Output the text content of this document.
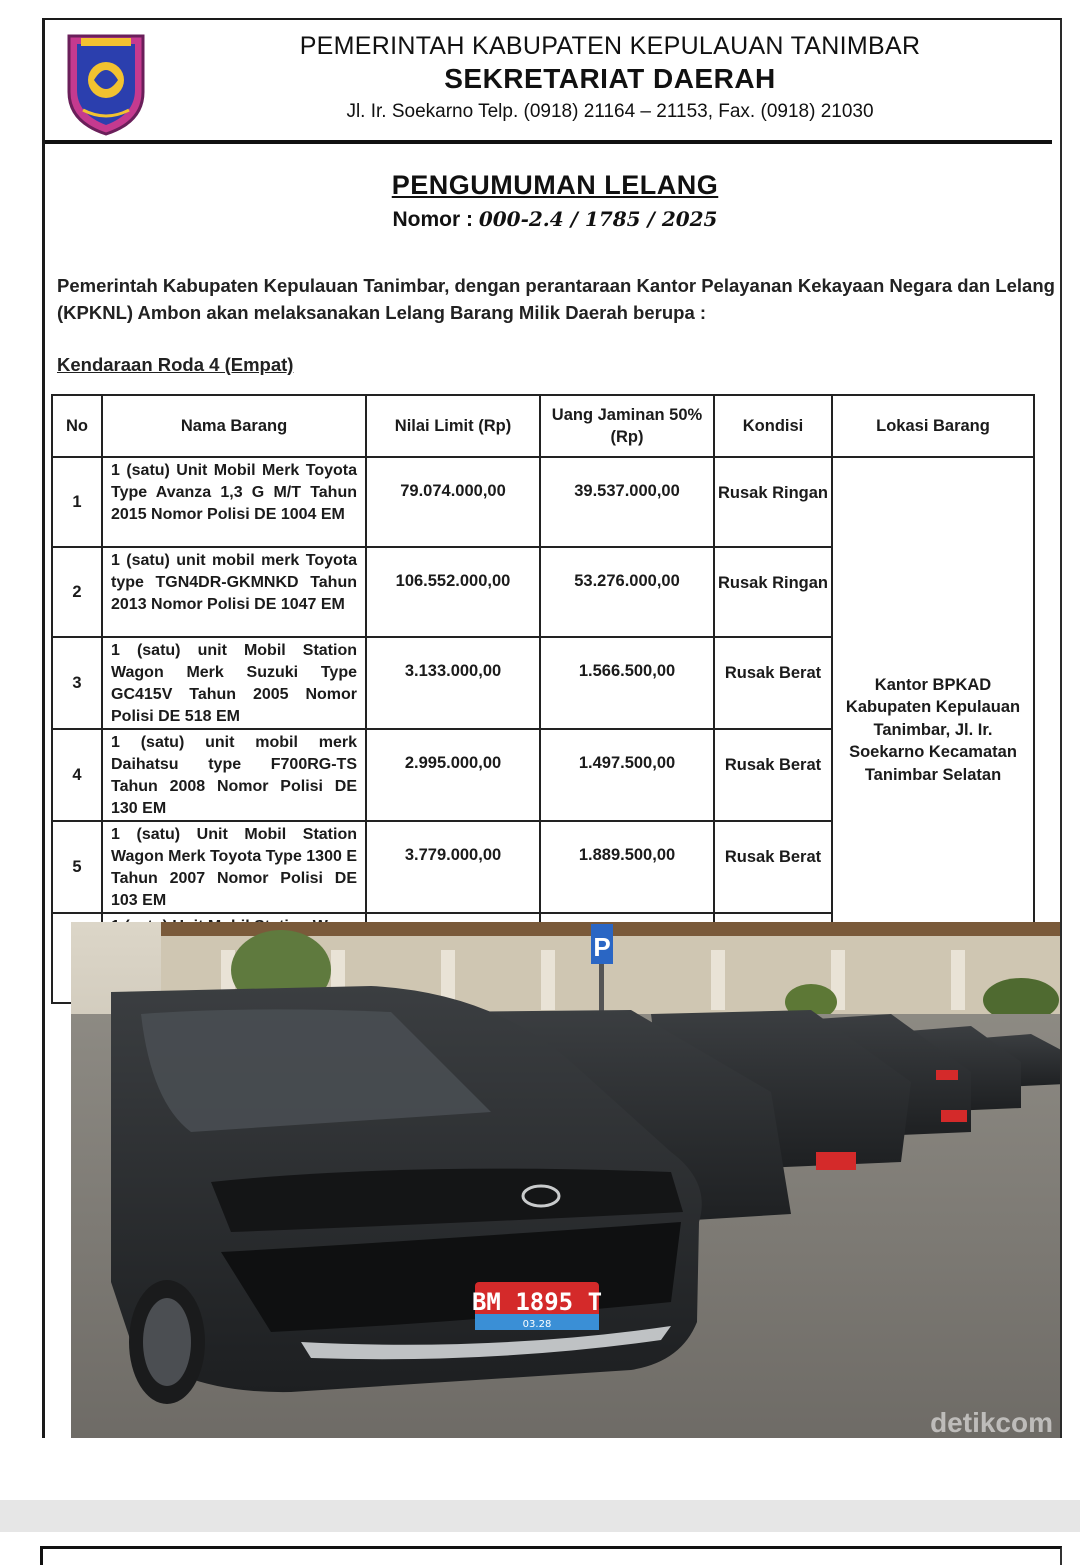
PEMERINTAH KABUPATEN KEPULAUAN TANIMBAR
SEKRETARIAT DAERAH
Jl. Ir. Soekarno Telp. (0918) 21164 – 21153, Fax. (0918) 21030
PENGUMUMAN LELANG
Nomor : 000-2.4 / 1785 / 2025
Pemerintah Kabupaten Kepulauan Tanimbar, dengan perantaraan Kantor Pelayanan Kekayaan Negara dan Lelang (KPKNL) Ambon akan melaksanakan Lelang Barang Milik Daerah berupa :
Kendaraan Roda 4 (Empat)
No	Nama Barang	Nilai Limit (Rp)	Uang Jaminan 50% (Rp)	Kondisi	Lokasi Barang
1	1 (satu) Unit Mobil Merk Toyota Type Avanza 1,3 G M/T Tahun 2015 Nomor Polisi DE 1004 EM	79.074.000,00	39.537.000,00	Rusak Ringan	Kantor BPKAD Kabupaten Kepulauan Tanimbar, Jl. Ir. Soekarno Kecamatan Tanimbar Selatan
2	1 (satu) unit mobil merk Toyota type TGN4DR-GKMNKD Tahun 2013 Nomor Polisi DE 1047 EM	106.552.000,00	53.276.000,00	Rusak Ringan	
3	1 (satu) unit Mobil Station Wagon Merk Suzuki Type GC415V Tahun 2005 Nomor Polisi DE 518 EM	3.133.000,00	1.566.500,00	Rusak Berat	
4	1 (satu) unit mobil merk Daihatsu type F700RG-TS Tahun 2008 Nomor Polisi DE 130 EM	2.995.000,00	1.497.500,00	Rusak Berat	
5	1 (satu) Unit Mobil Station Wagon Merk Toyota Type 1300 E Tahun 2007 Nomor Polisi DE 103 EM	3.779.000,00	1.889.500,00	Rusak Berat	

P
BM 1895 T
03.28
detikcom
